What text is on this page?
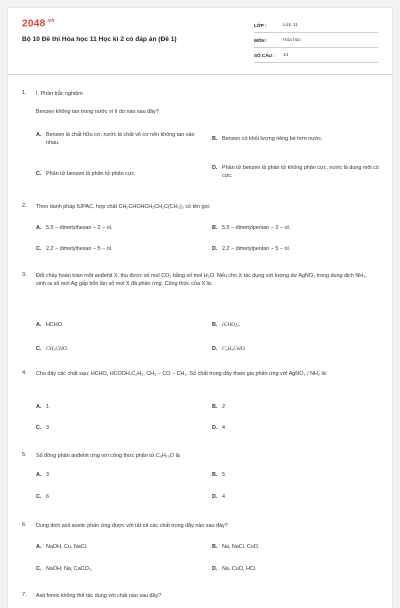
$2048^{.vn}$
Bộ 10 Đề thi Hóa học 11 Học kì 2 có đáp án (Đề 1)
LỚP :	Lớp 11
MÔN :	Hóa học
SỐ CÂU : 14
1. I. Phần trắc nghiệm
Benzen không tan trong nước vì lí do nào sau đây?
A. Benzen là chất hữu cơ, nước là chất vô cơ nên không tan vào nhau.
B. Benzen có khối lượng riêng bé hơn nước.
C. Phân tử benzen là phân tử phân cực.
D. Phân tử benzen là phân tử không phân cực, nước là dung môi có cực.
2. Theo danh pháp IUPAC, hợp chất CH₃CHOHCH₂CH₂C(CH₃)₃ có tên gọi:
A. 5,5 − dimetylhexan − 2 − ol.	B. 5,5 − dimetylpentan − 2 − ol.
C. 2,2 − dimetylhexan − 5 − ol.	D. 2,2 − dimetylpentan − 5 − ol.
3. Đốt cháy hoàn toàn một anđehit X, thu được số mol CO₂ bằng số mol H₂O. Nếu cho X tác dụng với lượng dư AgNO₃ trong dung dịch NH₃, sinh ra số mol Ag gấp bốn lần số mol X đã phản ứng. Công thức của X là:
A. HCHO.	B. (CHO)₂.
C. CH₃CHO.	D. C₂H₅CHO.
4. Cho dãy các chất sau: HCHO, HCOOH,C₂H₂, CH₃ − CO − CH₃. Số chất trong dãy tham gia phản ứng với AgNO₃ / NH₃ là:
A. 1	B. 2
C. 3	D. 4
5. Số đồng phân anđehit ứng với công thức phân tử C₅H₁₀O là
A. 3	B. 5
C. 6	D. 4
6. Dung dịch axit axetic phản ứng được với tất cả các chất trong dãy nào sau đây?
A. NaOH, Cu, NaCl.	B. Na, NaCl, CuO.
C. NaOH, Na, CaCO₃.	D. Na, CuO, HCl.
7. Axit fomic không thể tác dụng với chất nào sau đây?
